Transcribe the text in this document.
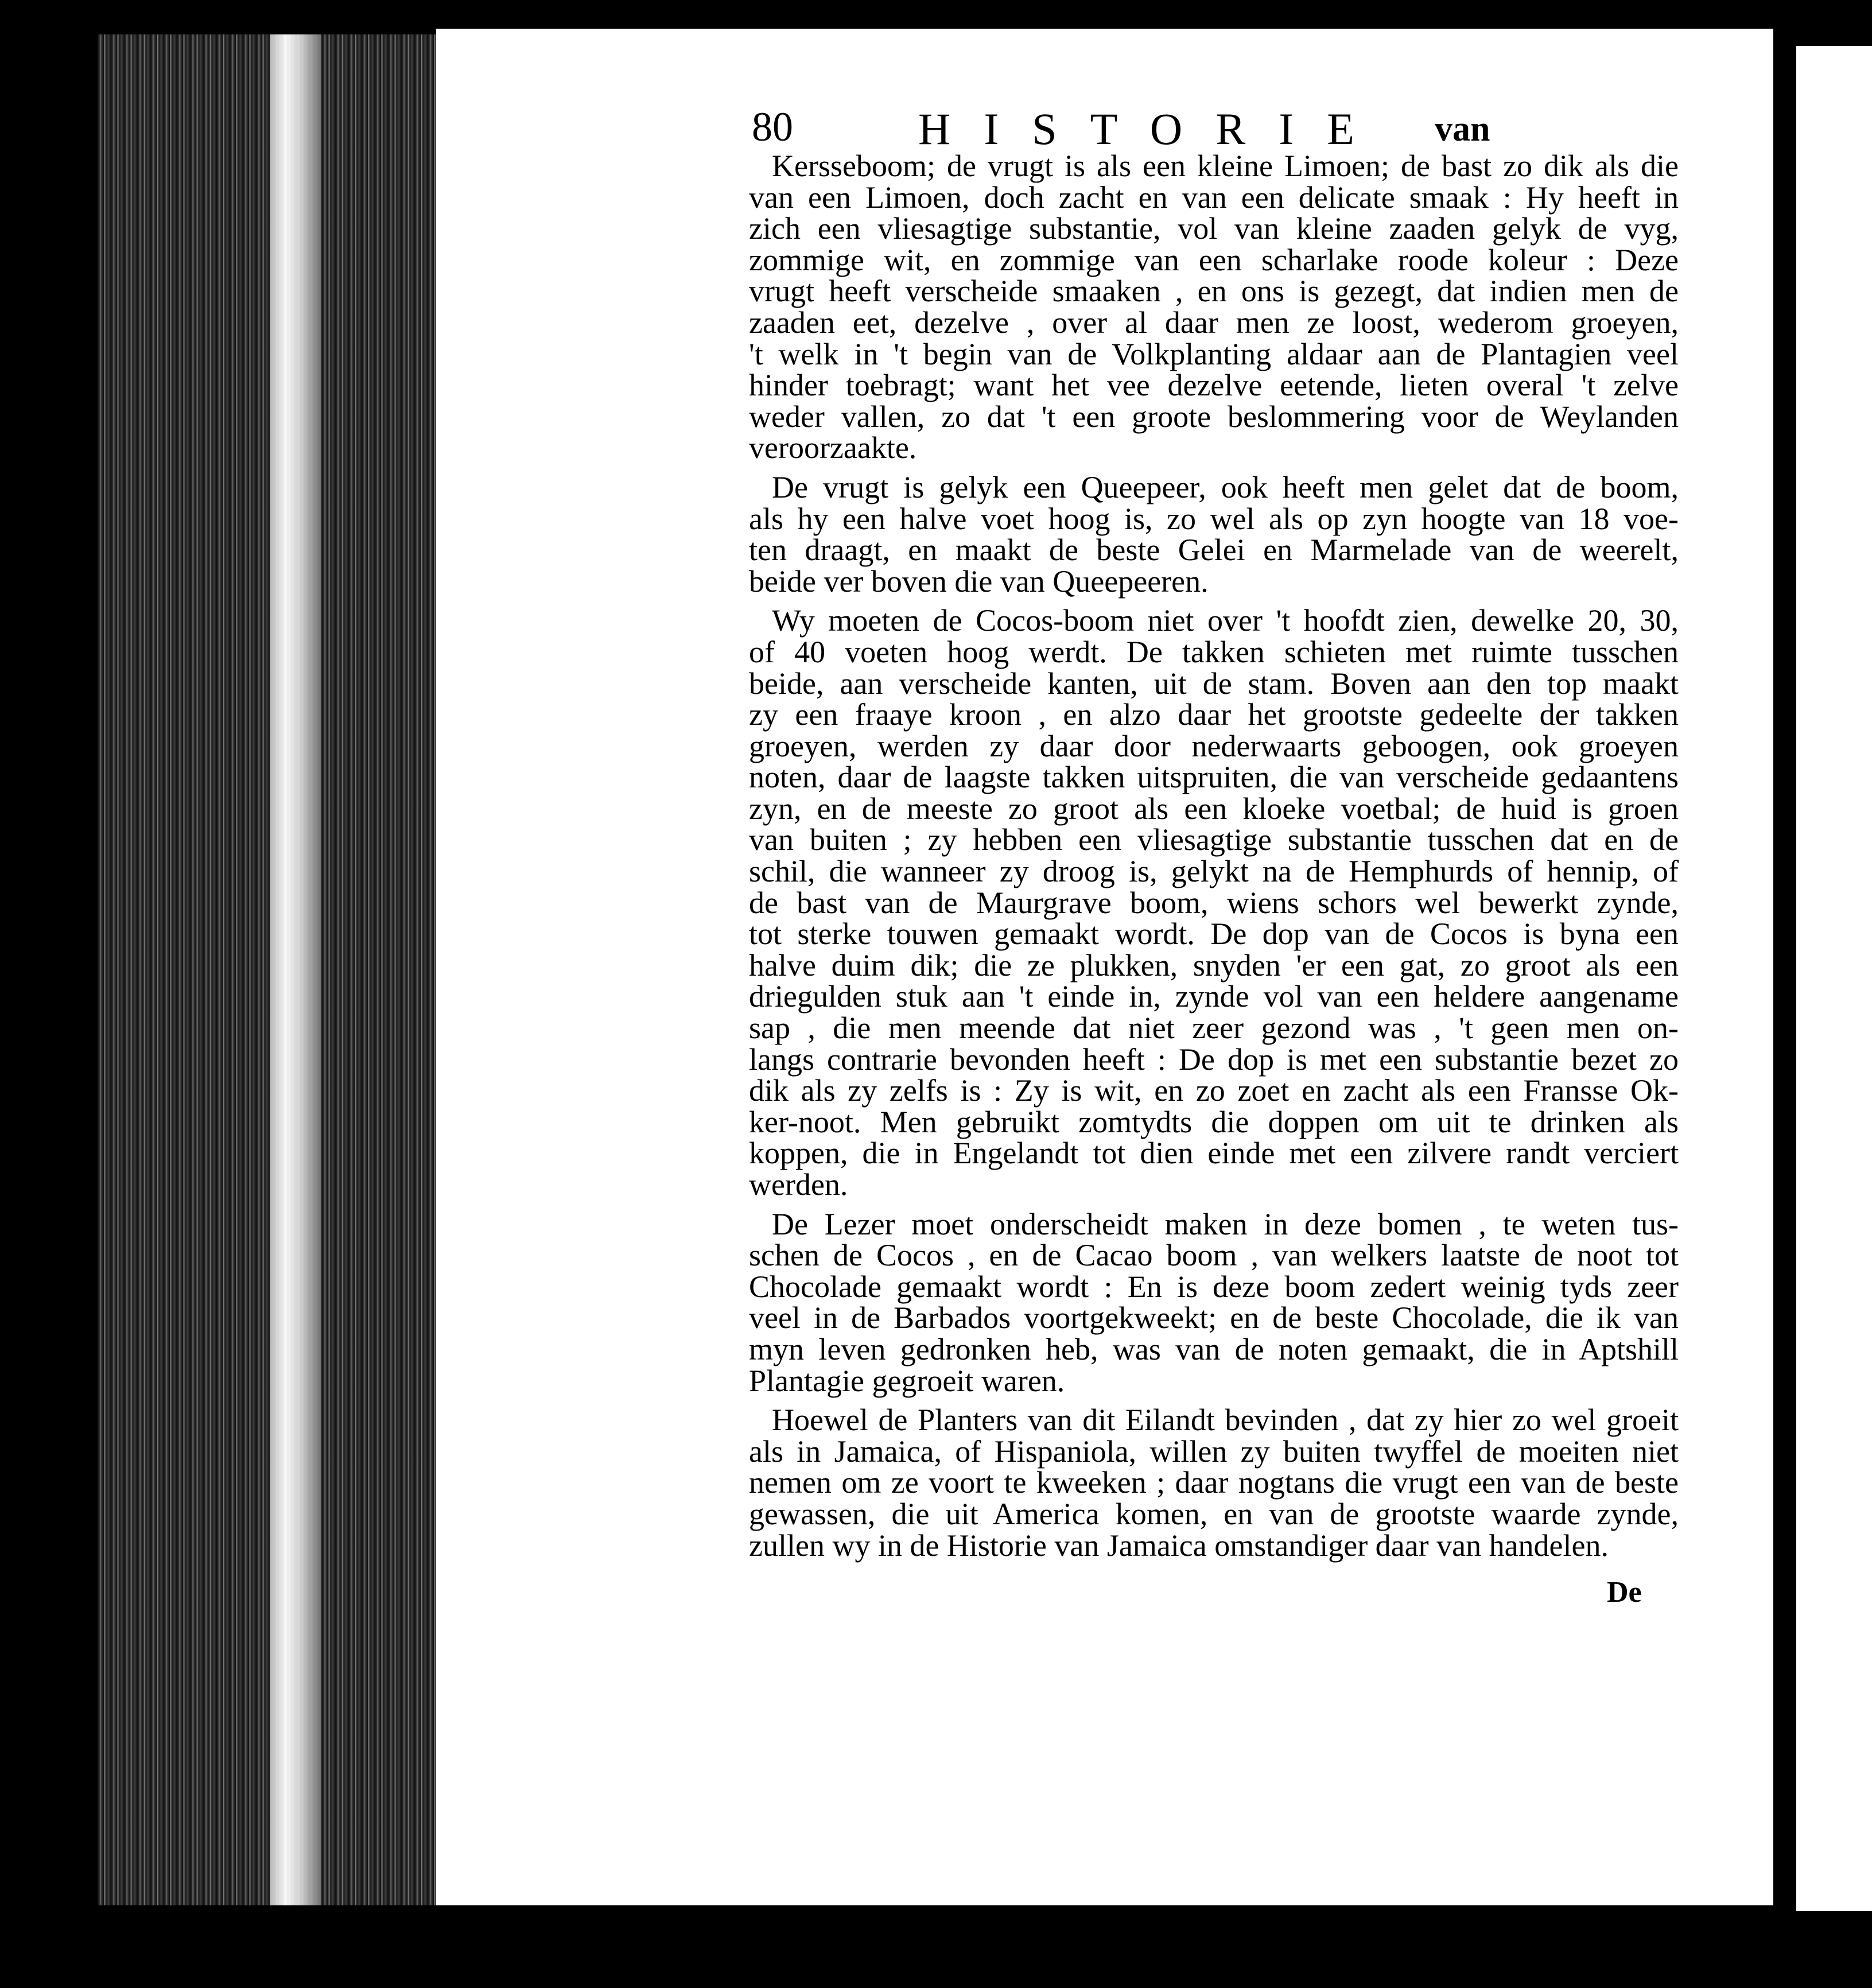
80	HISTORIE van
Kersseboom; de vrugt is als een kleine Limoen; de bast zo dik als die
van een Limoen, doch zacht en van een delicate smaak : Hy heeft in
zich een vliesagtige substantie, vol van kleine zaaden gelyk de vyg,
zommige wit, en zommige van een scharlake roode koleur : Deze
vrugt heeft verscheide smaaken , en ons is gezegt, dat indien men de
zaaden eet, dezelve , over al daar men ze loost, wederom groeyen,
't welk in 't begin van de Volkplanting aldaar aan de Plantagien veel
hinder toebragt; want het vee dezelve eetende, lieten overal 't zelve
weder vallen, zo dat 't een groote beslommering voor de Weylanden
veroorzaakte.
De vrugt is gelyk een Queepeer, ook heeft men gelet dat de boom,
als hy een halve voet hoog is, zo wel als op zyn hoogte van 18 voe-
ten draagt, en maakt de beste Gelei en Marmelade van de weerelt,
beide ver boven die van Queepeeren.
Wy moeten de Cocos-boom niet over 't hoofdt zien, dewelke 20, 30,
of 40 voeten hoog werdt. De takken schieten met ruimte tusschen
beide, aan verscheide kanten, uit de stam. Boven aan den top maakt
zy een fraaye kroon , en alzo daar het grootste gedeelte der takken
groeyen, werden zy daar door nederwaarts geboogen, ook groeyen
noten, daar de laagste takken uitspruiten, die van verscheide gedaantens
zyn, en de meeste zo groot als een kloeke voetbal; de huid is groen
van buiten ; zy hebben een vliesagtige substantie tusschen dat en de
schil, die wanneer zy droog is, gelykt na de Hemphurds of hennip, of
de bast van de Maurgrave boom, wiens schors wel bewerkt zynde,
tot sterke touwen gemaakt wordt. De dop van de Cocos is byna een
halve duim dik; die ze plukken, snyden 'er een gat, zo groot als een
driegulden stuk aan 't einde in, zynde vol van een heldere aangename
sap , die men meende dat niet zeer gezond was , 't geen men on-
langs contrarie bevonden heeft : De dop is met een substantie bezet zo
dik als zy zelfs is : Zy is wit, en zo zoet en zacht als een Fransse Ok-
ker-noot. Men gebruikt zomtydts die doppen om uit te drinken als
koppen, die in Engelandt tot dien einde met een zilvere randt verciert
werden.
De Lezer moet onderscheidt maken in deze bomen , te weten tus-
schen de Cocos , en de Cacao boom , van welkers laatste de noot tot
Chocolade gemaakt wordt : En is deze boom zedert weinig tyds zeer
veel in de Barbados voortgekweekt; en de beste Chocolade, die ik van
myn leven gedronken heb, was van de noten gemaakt, die in Aptshill
Plantagie gegroeit waren.
Hoewel de Planters van dit Eilandt bevinden , dat zy hier zo wel groeit
als in Jamaica, of Hispaniola, willen zy buiten twyffel de moeiten niet
nemen om ze voort te kweeken ; daar nogtans die vrugt een van de beste
gewassen, die uit America komen, en van de grootste waarde zynde,
zullen wy in de Historie van Jamaica omstandiger daar van handelen.
De
